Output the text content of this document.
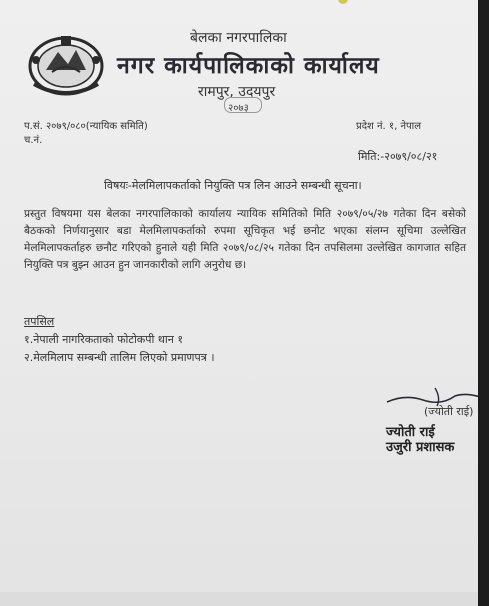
बेलका नगरपालिका
नगर कार्यपालिकाको कार्यालय
रामपुर, उदयपुर
२०७३
प.सं. २०७९/०८०(न्यायिक समिति)	प्रदेश नं. १, नेपाल
च.नं.
मिति:-२०७९/०८/२१
विषयः-मेलमिलापकर्ताको नियुक्ति पत्र लिन आउने सम्बन्धी सूचना।

प्रस्तुत विषयमा यस बेलका नगरपालिकाको कार्यालय न्यायिक समितिको मिति २०७९/०५/२७ गतेका दिन बसेको बैठकको निर्णयानुसार बडा मेलमिलापकर्ताको रुपमा सूचिकृत भई छनोट भएका संलग्न सूचिमा उल्लेखित मेलमिलापकर्ताहरु छनौट गरिएको हुनाले यही मिति २०७९/०८/२५ गतेका दिन तपसिलमा उल्लेखित कागजात सहित नियुक्ति पत्र बुझ्न आउन हुन जानकारीको लागि अनुरोध छ।

तपसिल
१.नेपाली नागरिकताको फोटोकपी थान १
२.मेलमिलाप सम्बन्धी तालिम लिएको प्रमाणपत्र ।
(ज्योती राई)
ज्योती राई
उजुरी प्रशासक
